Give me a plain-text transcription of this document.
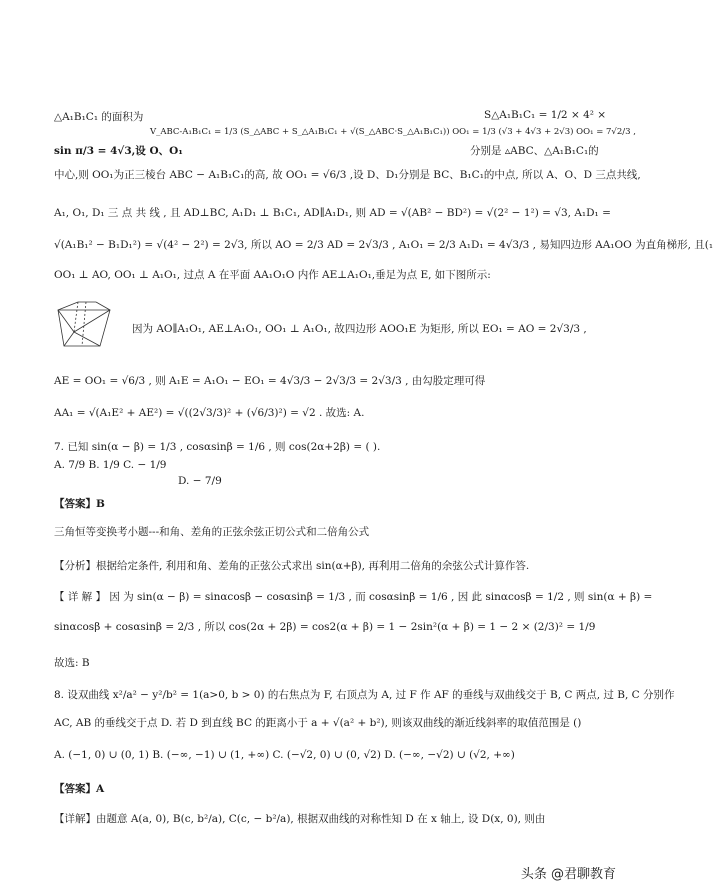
△A₁B₁C₁ 的面积为	S△A₁B₁C₁ = 1/2 × 4² ×
V_ABC-A₁B₁C₁ = 1/3 (S_△ABC + S_△A₁B₁C₁ + √(S_△ABC·S_△A₁B₁C₁)) OO₁ = 1/3 (√3 + 4√3 + 2√3) OO₁ = 7√2/3 ,
sin π/3 = 4√3,设 O、O₁	分别是 ▵ABC、△A₁B₁C₁的
中心,则 OO₁为正三棱台 ABC − A₁B₁C₁的高, 故 OO₁ = √6/3 ,设 D、D₁分别是 BC、B₁C₁的中点, 所以 A、O、D 三点共线,
A₁, O₁, D₁ 三 点 共 线 , 且 AD⊥BC, A₁D₁ ⊥ B₁C₁, AD∥A₁D₁, 则 AD = √(AB² − BD²) = √(2² − 1²) = √3, A₁D₁ =
√(A₁B₁² − B₁D₁²) = √(4² − 2²) = 2√3, 所以 AO = 2/3 AD = 2√3/3 , A₁O₁ = 2/3 A₁D₁ = 4√3/3 , 易知四边形 AA₁OO 为直角梯形, 且(₁
OO₁ ⊥ AO, OO₁ ⊥ A₁O₁, 过点 A 在平面 AA₁O₁O 内作 AE⊥A₁O₁,垂足为点 E, 如下图所示:
因为 AO∥A₁O₁, AE⊥A₁O₁, OO₁ ⊥ A₁O₁, 故四边形 AOO₁E 为矩形, 所以 EO₁ = AO = 2√3/3 ,
AE = OO₁ = √6/3 , 则 A₁E = A₁O₁ − EO₁ = 4√3/3 − 2√3/3 = 2√3/3 , 由勾股定理可得
AA₁ = √(A₁E² + AE²) = √((2√3/3)² + (√6/3)²) = √2 . 故选: A.
7. 已知 sin(α − β) = 1/3 , cosαsinβ = 1/6 , 则 cos(2α+2β) = ( ).
A. 7/9 B. 1/9 C. − 1/9
D. − 7/9
【答案】B
三角恒等变换考小题---和角、差角的正弦余弦正切公式和二倍角公式
【分析】根据给定条件, 利用和角、差角的正弦公式求出 sin(α+β), 再利用二倍角的余弦公式计算作答.
【 详 解 】 因 为 sin(α − β) = sinαcosβ − cosαsinβ = 1/3 , 而 cosαsinβ = 1/6 , 因 此 sinαcosβ = 1/2 , 则 sin(α + β) =
sinαcosβ + cosαsinβ = 2/3 , 所以 cos(2α + 2β) = cos2(α + β) = 1 − 2sin²(α + β) = 1 − 2 × (2/3)² = 1/9
故选: B
8. 设双曲线 x²/a² − y²/b² = 1(a>0, b > 0) 的右焦点为 F, 右顶点为 A, 过 F 作 AF 的垂线与双曲线交于 B, C 两点, 过 B, C 分别作
AC, AB 的垂线交于点 D. 若 D 到直线 BC 的距离小于 a + √(a² + b²), 则该双曲线的渐近线斜率的取值范围是 ()
A. (−1, 0) ∪ (0, 1) B. (−∞, −1) ∪ (1, +∞) C. (−√2, 0) ∪ (0, √2) D. (−∞, −√2) ∪ (√2, +∞)
【答案】A
【详解】由题意 A(a, 0), B(c, b²/a), C(c, − b²/a), 根据双曲线的对称性知 D 在 x 轴上, 设 D(x, 0), 则由
头条 @君聊教育
